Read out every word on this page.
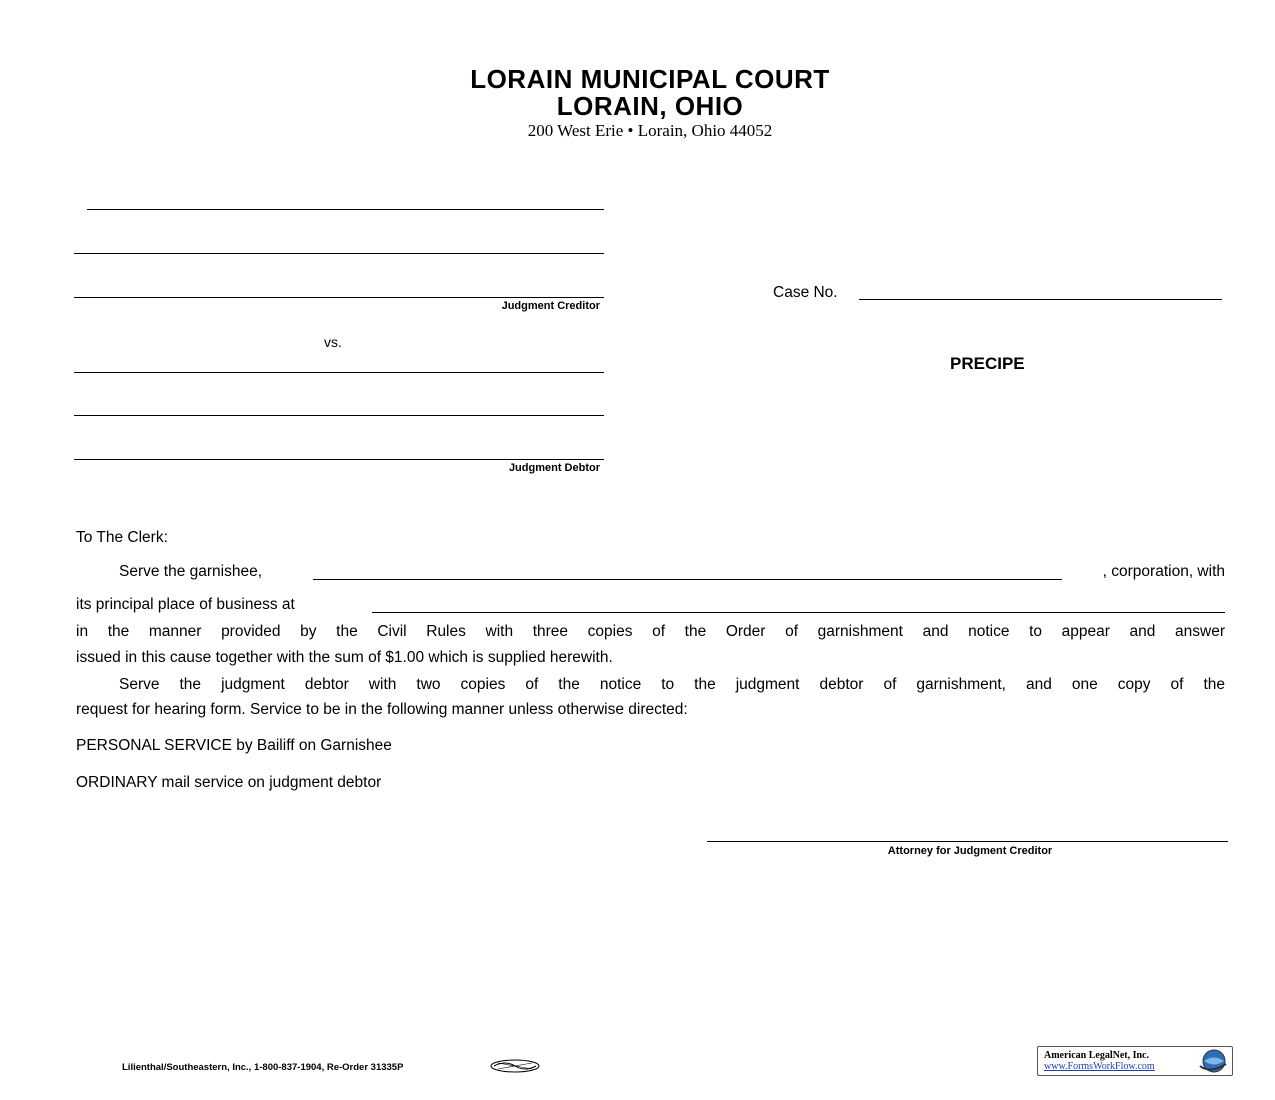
LORAIN MUNICIPAL COURT
LORAIN, OHIO
200 West Erie • Lorain, Ohio 44052
Judgment Creditor
vs.
Judgment Debtor
Case No.
PRECIPE
To The Clerk:
Serve the garnishee,	, corporation, with
its principal place of business at
in the manner provided by the Civil Rules with three copies of the Order of garnishment and notice to appear and answer
issued in this cause together with the sum of $1.00 which is supplied herewith.
Serve the judgment debtor with two copies of the notice to the judgment debtor of garnishment, and one copy of the
request for hearing form. Service to be in the following manner unless otherwise directed:
PERSONAL SERVICE by Bailiff on Garnishee
ORDINARY mail service on judgment debtor
Attorney for Judgment Creditor
Lilienthal/Southeastern, Inc., 1-800-837-1904, Re-Order 31335P
American LegalNet, Inc.
www.FormsWorkFlow.com
